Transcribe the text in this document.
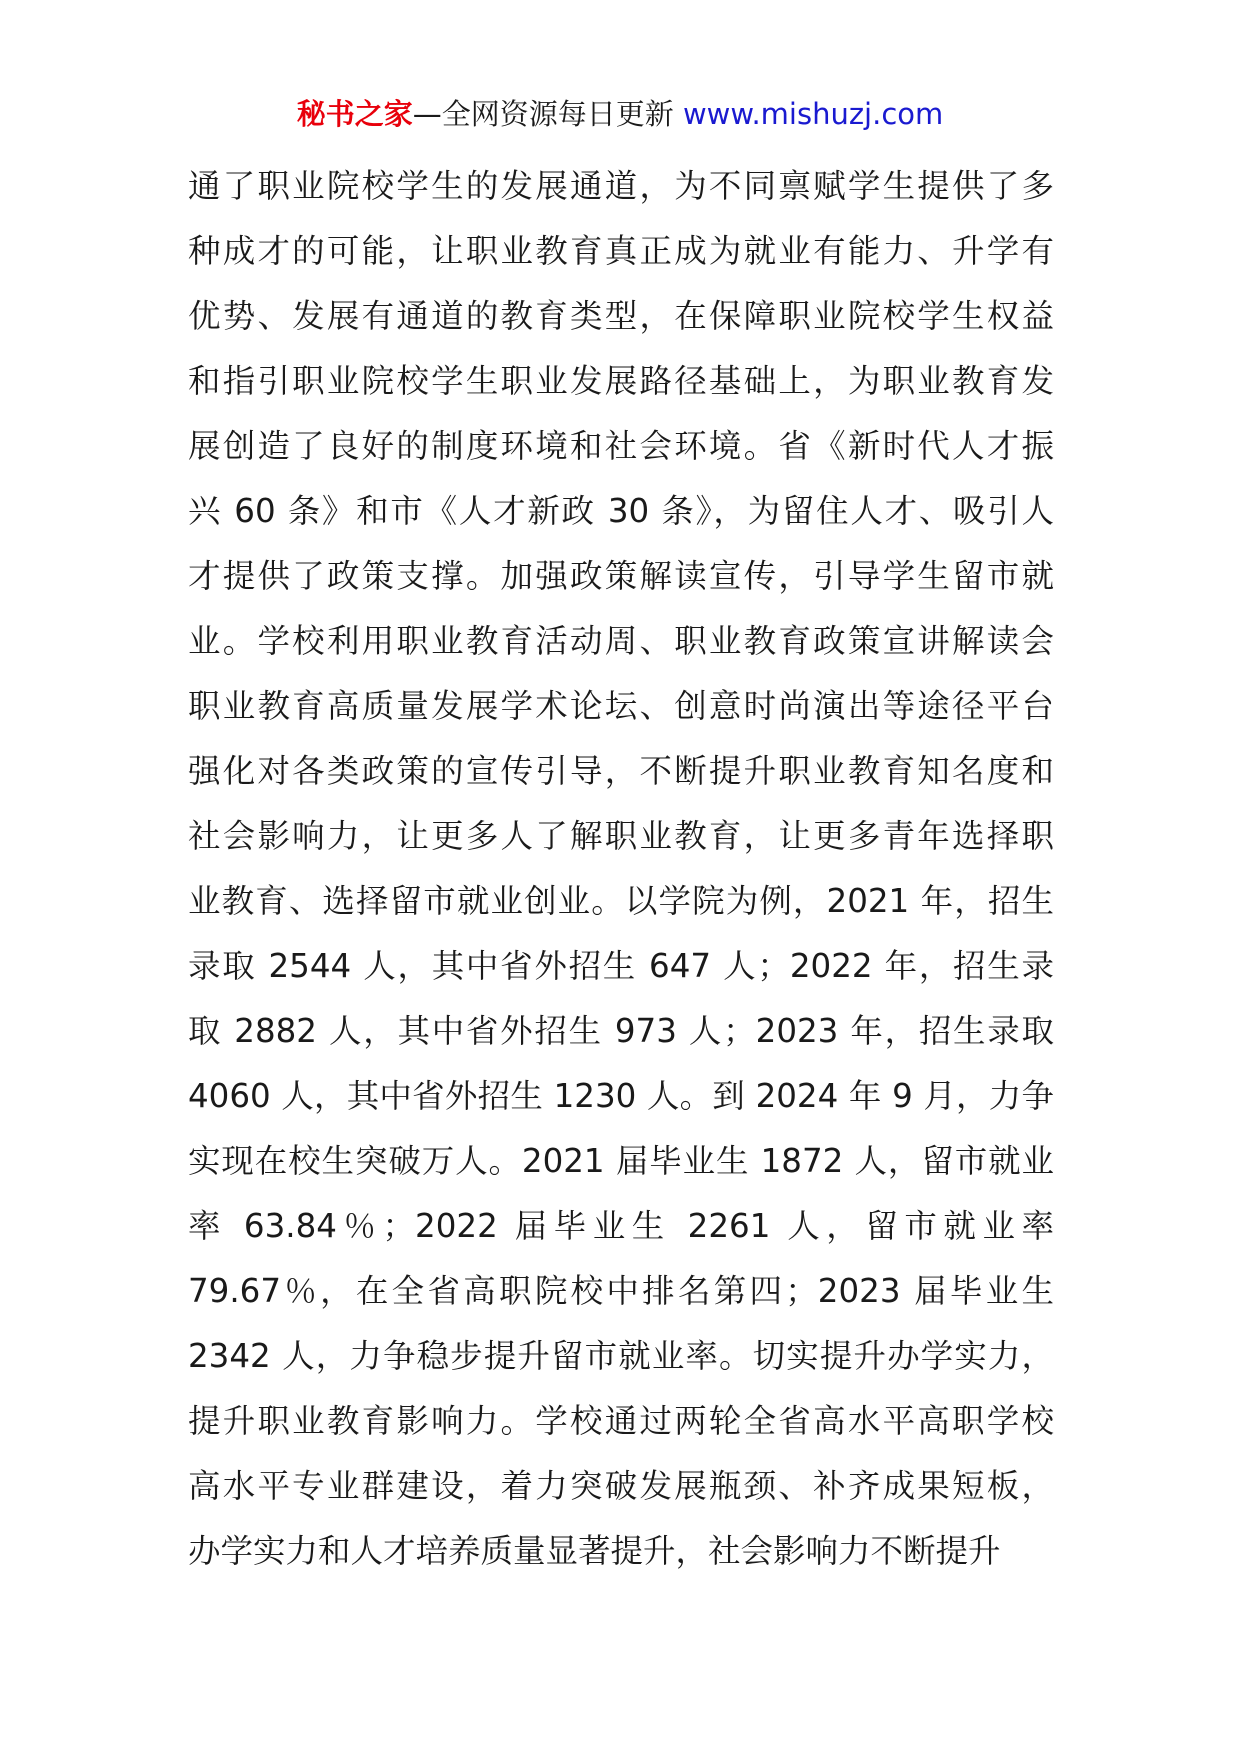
秘书之家—全网资源每日更新 www.mishuzj.com
通了职业院校学生的发展通道，为不同禀赋学生提供了多
种成才的可能，让职业教育真正成为就业有能力、升学有
优势、发展有通道的教育类型，在保障职业院校学生权益
和指引职业院校学生职业发展路径基础上，为职业教育发
展创造了良好的制度环境和社会环境。省《新时代人才振
兴 60 条》和市《人才新政 30 条》，为留住人才、吸引人
才提供了政策支撑。加强政策解读宣传，引导学生留市就
业。学校利用职业教育活动周、职业教育政策宣讲解读会
职业教育高质量发展学术论坛、创意时尚演出等途径平台
强化对各类政策的宣传引导，不断提升职业教育知名度和
社会影响力，让更多人了解职业教育，让更多青年选择职
业教育、选择留市就业创业。以学院为例，2021 年，招生
录取 2544 人，其中省外招生 647 人；2022 年，招生录
取 2882 人，其中省外招生 973 人；2023 年，招生录取
4060 人，其中省外招生 1230 人。到 2024 年 9 月，力争
实现在校生突破万人。2021 届毕业生 1872 人，留市就业
率 63.84％；2022 届毕业生 2261 人，留市就业率
79.67％，在全省高职院校中排名第四；2023 届毕业生
2342 人，力争稳步提升留市就业率。切实提升办学实力，
提升职业教育影响力。学校通过两轮全省高水平高职学校
高水平专业群建设，着力突破发展瓶颈、补齐成果短板，
办学实力和人才培养质量显著提升，社会影响力不断提升
